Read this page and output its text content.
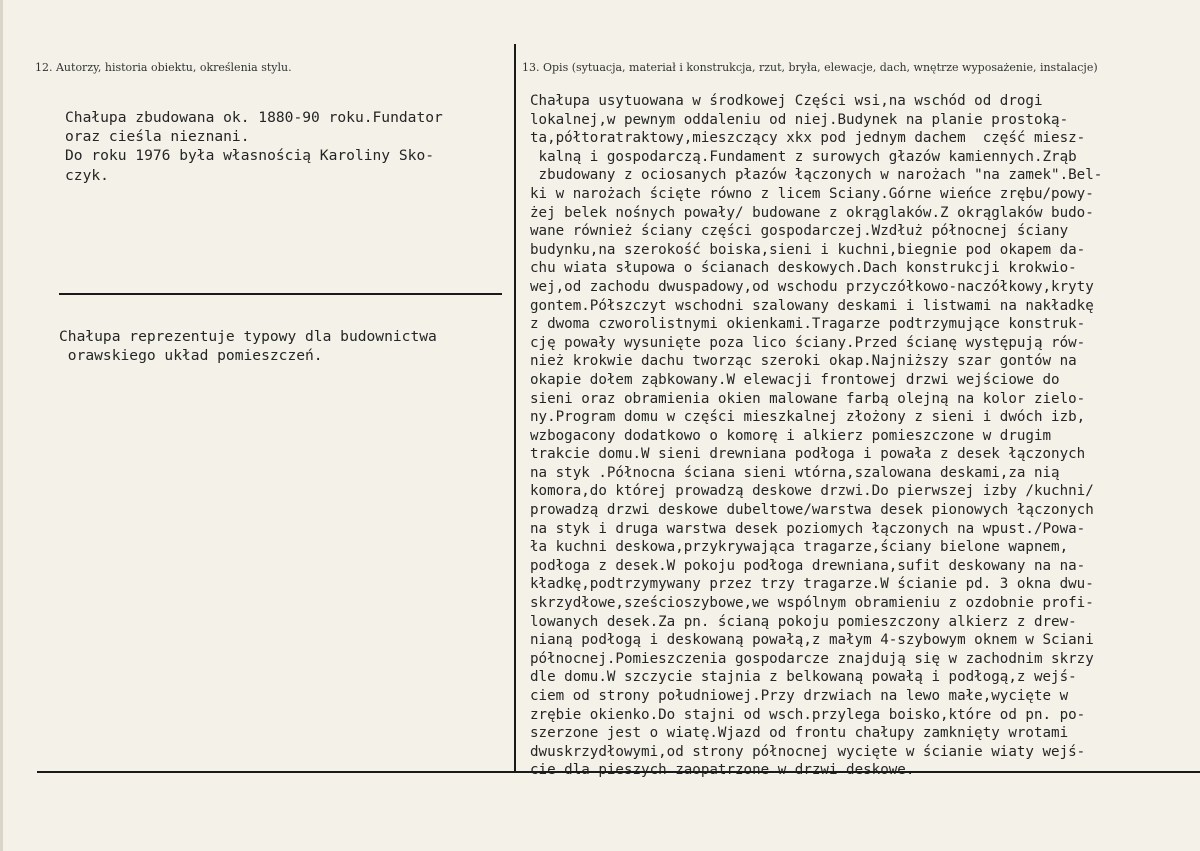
12. Autorzy, historia obiektu, określenia stylu.
Chałupa zbudowana ok. 1880-90 roku.Fundator
oraz cieśla nieznani.
Do roku 1976 była własnością Karoliny Sko-
czyk.
Chałupa reprezentuje typowy dla budownictwa
orawskiego układ pomieszczeń.
13. Opis (sytuacja, materiał i konstrukcja, rzut, bryła, elewacje, dach, wnętrze wyposażenie, instalacje)
Chałupa usytuowana w środkowej Części wsi,na wschód od drogi
lokalnej,w pewnym oddaleniu od niej.Budynek na planie prostoką-
ta,półtoratraktowy,mieszczący xkx pod jednym dachem  część miesz-
kalną i gospodarczą.Fundament z surowych głazów kamiennych.Zrąb
zbudowany z ociosanych płazów łączonych w narożach "na zamek".Bel-
ki w narożach ścięte równo z licem Sciany.Górne wieńce zrębu/powy-
żej belek nośnych powały/ budowane z okrąglaków.Z okrąglaków budo-
wane również ściany części gospodarczej.Wzdłuż północnej ściany
budynku,na szerokość boiska,sieni i kuchni,biegnie pod okapem da-
chu wiata słupowa o ścianach deskowych.Dach konstrukcji krokwio-
wej,od zachodu dwuspadowy,od wschodu przyczółkowo-naczółkowy,kryty
gontem.Półszczyt wschodni szalowany deskami i listwami na nakładkę
z dwoma czworolistnymi okienkami.Tragarze podtrzymujące konstruk-
cję powały wysunięte poza lico ściany.Przed ścianę występują rów-
nież krokwie dachu tworząc szeroki okap.Najniższy szar gontów na
okapie dołem ząbkowany.W elewacji frontowej drzwi wejściowe do
sieni oraz obramienia okien malowane farbą olejną na kolor zielo-
ny.Program domu w części mieszkalnej złożony z sieni i dwóch izb,
wzbogacony dodatkowo o komorę i alkierz pomieszczone w drugim
trakcie domu.W sieni drewniana podłoga i powała z desek łączonych
na styk .Północna ściana sieni wtórna,szalowana deskami,za nią
komora,do której prowadzą deskowe drzwi.Do pierwszej izby /kuchni/
prowadzą drzwi deskowe dubeltowe/warstwa desek pionowych łączonych
na styk i druga warstwa desek poziomych łączonych na wpust./Powa-
ła kuchni deskowa,przykrywająca tragarze,ściany bielone wapnem,
podłoga z desek.W pokoju podłoga drewniana,sufit deskowany na na-
kładkę,podtrzymywany przez trzy tragarze.W ścianie pd. 3 okna dwu-
skrzydłowe,sześcioszybowe,we wspólnym obramieniu z ozdobnie profi-
lowanych desek.Za pn. ścianą pokoju pomieszczony alkierz z drew-
nianą podłogą i deskowaną powałą,z małym 4-szybowym oknem w Sciani
północnej.Pomieszczenia gospodarcze znajdują się w zachodnim skrzy
dle domu.W szczycie stajnia z belkowaną powałą i podłogą,z wejś-
ciem od strony południowej.Przy drzwiach na lewo małe,wycięte w
zrębie okienko.Do stajni od wsch.przylega boisko,które od pn. po-
szerzone jest o wiatę.Wjazd od frontu chałupy zamknięty wrotami
dwuskrzydłowymi,od strony północnej wycięte w ścianie wiaty wejś-
